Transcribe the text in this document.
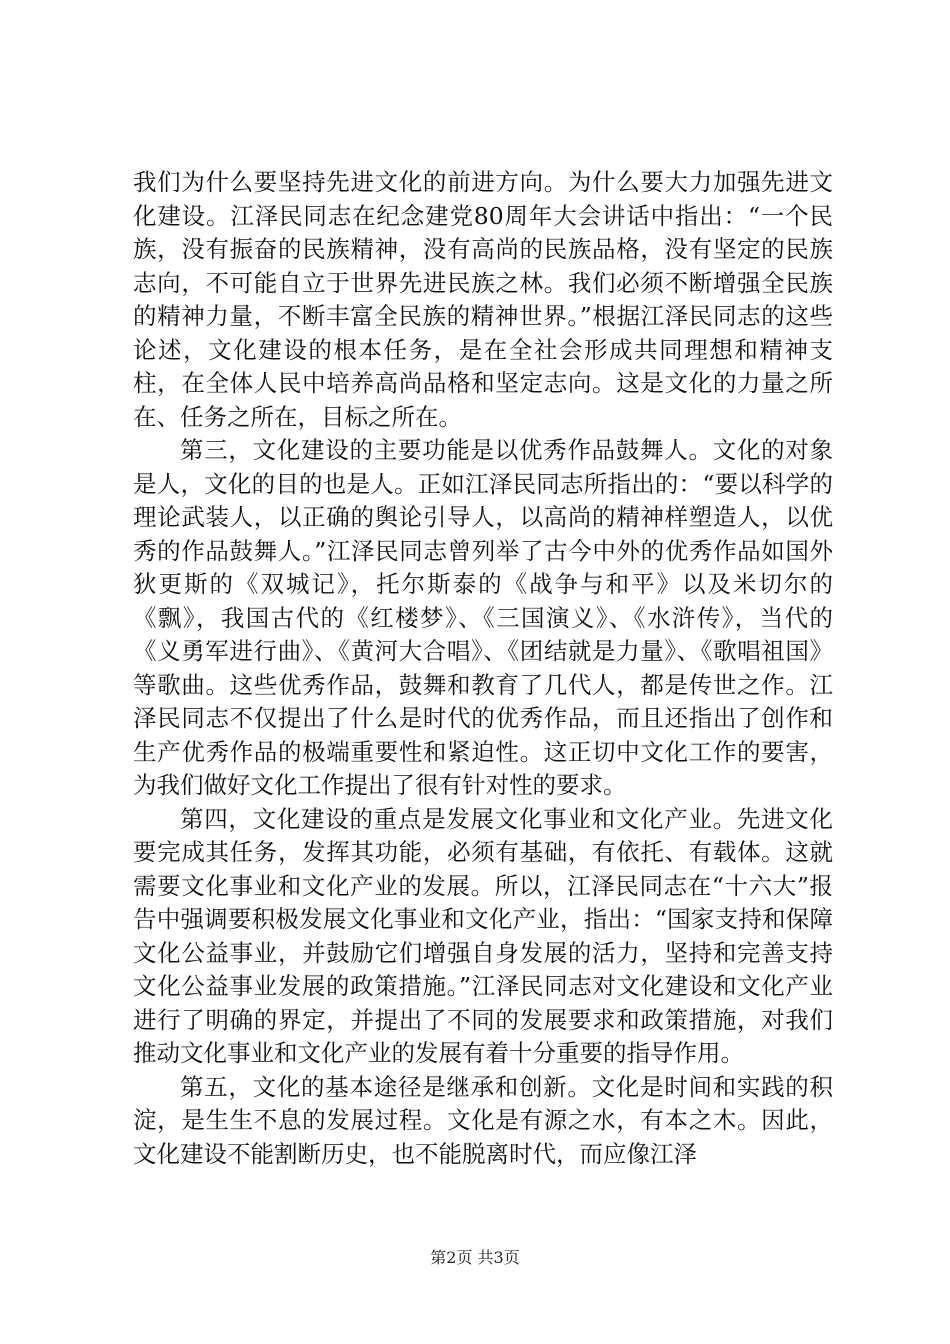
我们为什么要坚持先进文化的前进方向。为什么要大力加强先进文化建设。江泽民同志在纪念建党80周年大会讲话中指出：“一个民族，没有振奋的民族精神，没有高尚的民族品格，没有坚定的民族志向，不可能自立于世界先进民族之林。我们必须不断增强全民族的精神力量，不断丰富全民族的精神世界。”根据江泽民同志的这些论述，文化建设的根本任务，是在全社会形成共同理想和精神支柱，在全体人民中培养高尚品格和坚定志向。这是文化的力量之所在、任务之所在，目标之所在。

第三，文化建设的主要功能是以优秀作品鼓舞人。文化的对象是人，文化的目的也是人。正如江泽民同志所指出的：“要以科学的理论武装人，以正确的舆论引导人，以高尚的精神样塑造人，以优秀的作品鼓舞人。”江泽民同志曾列举了古今中外的优秀作品如国外狄更斯的《双城记》，托尔斯泰的《战争与和平》以及米切尔的《飘》，我国古代的《红楼梦》、《三国演义》、《水浒传》，当代的《义勇军进行曲》、《黄河大合唱》、《团结就是力量》、《歌唱祖国》等歌曲。这些优秀作品，鼓舞和教育了几代人，都是传世之作。江泽民同志不仅提出了什么是时代的优秀作品，而且还指出了创作和生产优秀作品的极端重要性和紧迫性。这正切中文化工作的要害，为我们做好文化工作提出了很有针对性的要求。

第四，文化建设的重点是发展文化事业和文化产业。先进文化要完成其任务，发挥其功能，必须有基础，有依托、有载体。这就需要文化事业和文化产业的发展。所以，江泽民同志在“十六大”报告中强调要积极发展文化事业和文化产业，指出：“国家支持和保障文化公益事业，并鼓励它们增强自身发展的活力，坚持和完善支持文化公益事业发展的政策措施。”江泽民同志对文化建设和文化产业进行了明确的界定，并提出了不同的发展要求和政策措施，对我们推动文化事业和文化产业的发展有着十分重要的指导作用。

第五，文化的基本途径是继承和创新。文化是时间和实践的积淀，是生生不息的发展过程。文化是有源之水，有本之木。因此，文化建设不能割断历史，也不能脱离时代，而应像江泽

第2页 共3页
